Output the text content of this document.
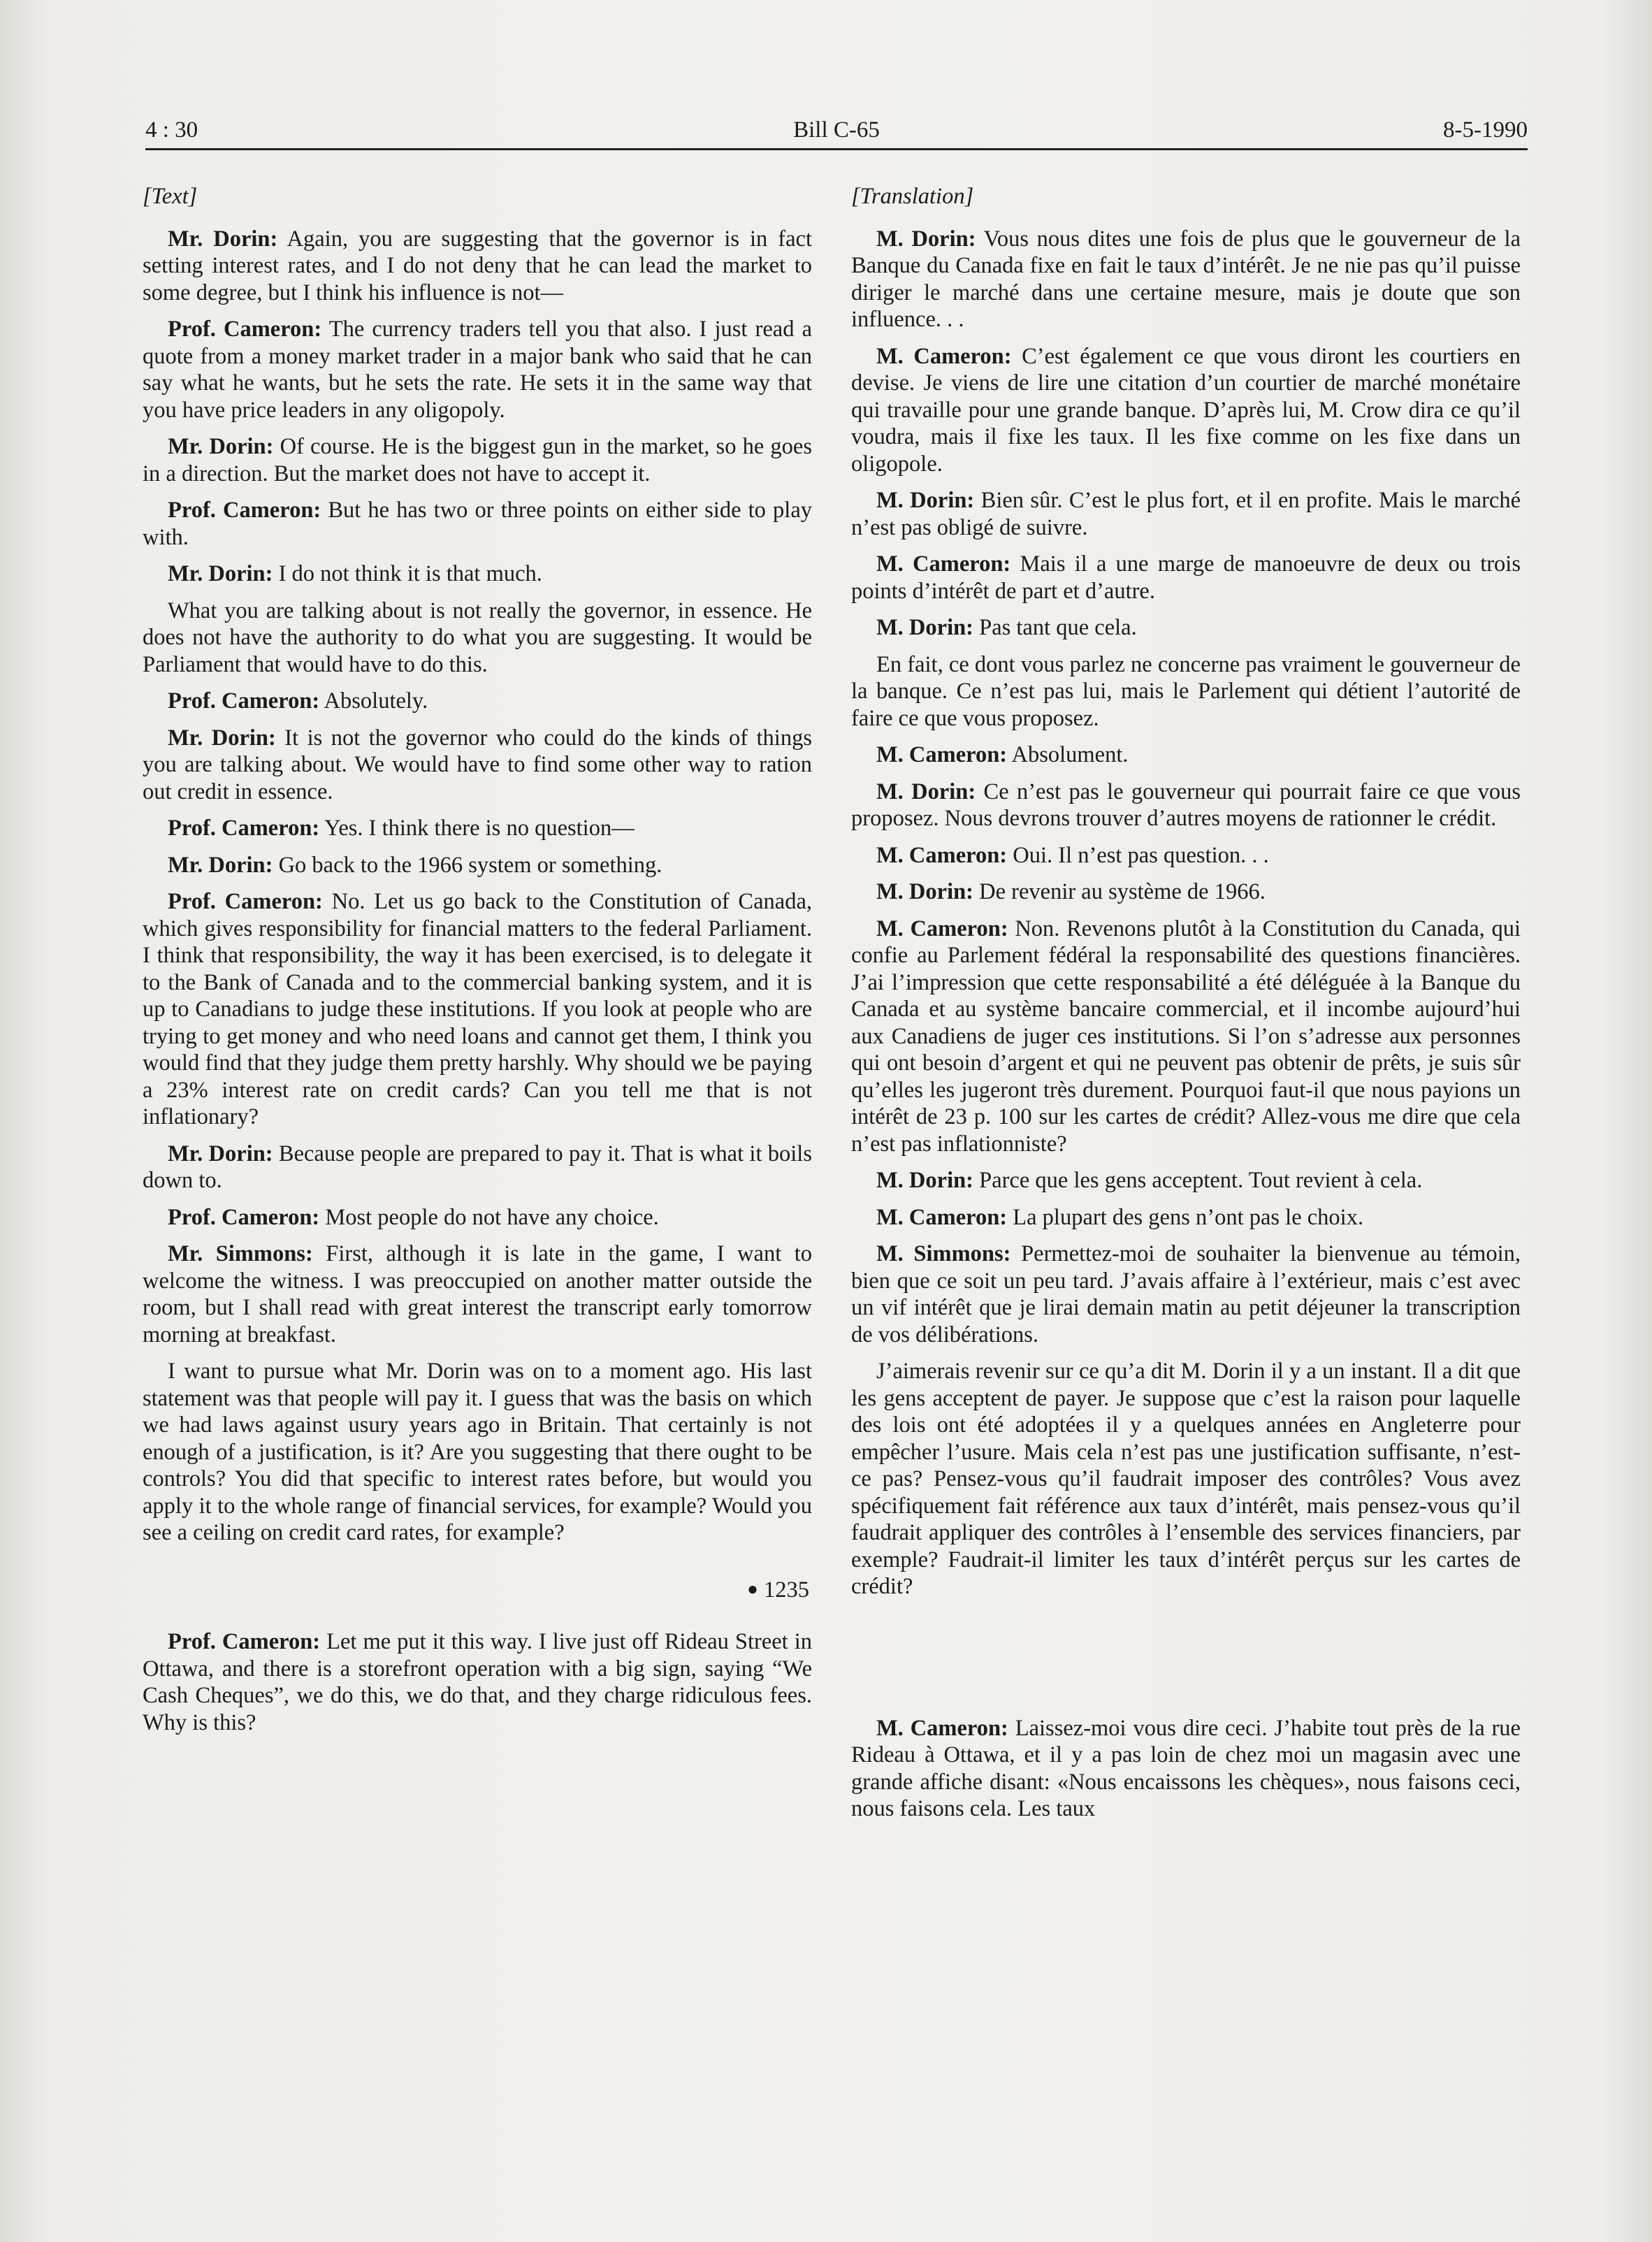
4 : 30	Bill C-65	8-5-1990

[Text]

Mr. Dorin: Again, you are suggesting that the governor is in fact setting interest rates, and I do not deny that he can lead the market to some degree, but I think his influence is not—

Prof. Cameron: The currency traders tell you that also. I just read a quote from a money market trader in a major bank who said that he can say what he wants, but he sets the rate. He sets it in the same way that you have price leaders in any oligopoly.

Mr. Dorin: Of course. He is the biggest gun in the market, so he goes in a direction. But the market does not have to accept it.

Prof. Cameron: But he has two or three points on either side to play with.

Mr. Dorin: I do not think it is that much.

What you are talking about is not really the governor, in essence. He does not have the authority to do what you are suggesting. It would be Parliament that would have to do this.

Prof. Cameron: Absolutely.

Mr. Dorin: It is not the governor who could do the kinds of things you are talking about. We would have to find some other way to ration out credit in essence.

Prof. Cameron: Yes. I think there is no question—

Mr. Dorin: Go back to the 1966 system or something.

Prof. Cameron: No. Let us go back to the Constitution of Canada, which gives responsibility for financial matters to the federal Parliament. I think that responsibility, the way it has been exercised, is to delegate it to the Bank of Canada and to the commercial banking system, and it is up to Canadians to judge these institutions. If you look at people who are trying to get money and who need loans and cannot get them, I think you would find that they judge them pretty harshly. Why should we be paying a 23% interest rate on credit cards? Can you tell me that is not inflationary?

Mr. Dorin: Because people are prepared to pay it. That is what it boils down to.

Prof. Cameron: Most people do not have any choice.

Mr. Simmons: First, although it is late in the game, I want to welcome the witness. I was preoccupied on another matter outside the room, but I shall read with great interest the transcript early tomorrow morning at breakfast.

I want to pursue what Mr. Dorin was on to a moment ago. His last statement was that people will pay it. I guess that was the basis on which we had laws against usury years ago in Britain. That certainly is not enough of a justification, is it? Are you suggesting that there ought to be controls? You did that specific to interest rates before, but would you apply it to the whole range of financial services, for example? Would you see a ceiling on credit card rates, for example?

● 1235

Prof. Cameron: Let me put it this way. I live just off Rideau Street in Ottawa, and there is a storefront operation with a big sign, saying “We Cash Cheques”, we do this, we do that, and they charge ridiculous fees. Why is this?

[Translation]

M. Dorin: Vous nous dites une fois de plus que le gouverneur de la Banque du Canada fixe en fait le taux d’intérêt. Je ne nie pas qu’il puisse diriger le marché dans une certaine mesure, mais je doute que son influence. . .

M. Cameron: C’est également ce que vous diront les courtiers en devise. Je viens de lire une citation d’un courtier de marché monétaire qui travaille pour une grande banque. D’après lui, M. Crow dira ce qu’il voudra, mais il fixe les taux. Il les fixe comme on les fixe dans un oligopole.

M. Dorin: Bien sûr. C’est le plus fort, et il en profite. Mais le marché n’est pas obligé de suivre.

M. Cameron: Mais il a une marge de manoeuvre de deux ou trois points d’intérêt de part et d’autre.

M. Dorin: Pas tant que cela.

En fait, ce dont vous parlez ne concerne pas vraiment le gouverneur de la banque. Ce n’est pas lui, mais le Parlement qui détient l’autorité de faire ce que vous proposez.

M. Cameron: Absolument.

M. Dorin: Ce n’est pas le gouverneur qui pourrait faire ce que vous proposez. Nous devrons trouver d’autres moyens de rationner le crédit.

M. Cameron: Oui. Il n’est pas question. . .

M. Dorin: De revenir au système de 1966.

M. Cameron: Non. Revenons plutôt à la Constitution du Canada, qui confie au Parlement fédéral la responsabilité des questions financières. J’ai l’impression que cette responsabilité a été déléguée à la Banque du Canada et au système bancaire commercial, et il incombe aujourd’hui aux Canadiens de juger ces institutions. Si l’on s’adresse aux personnes qui ont besoin d’argent et qui ne peuvent pas obtenir de prêts, je suis sûr qu’elles les jugeront très durement. Pourquoi faut-il que nous payions un intérêt de 23 p. 100 sur les cartes de crédit? Allez-vous me dire que cela n’est pas inflationniste?

M. Dorin: Parce que les gens acceptent. Tout revient à cela.

M. Cameron: La plupart des gens n’ont pas le choix.

M. Simmons: Permettez-moi de souhaiter la bienvenue au témoin, bien que ce soit un peu tard. J’avais affaire à l’extérieur, mais c’est avec un vif intérêt que je lirai demain matin au petit déjeuner la transcription de vos délibérations.

J’aimerais revenir sur ce qu’a dit M. Dorin il y a un instant. Il a dit que les gens acceptent de payer. Je suppose que c’est la raison pour laquelle des lois ont été adoptées il y a quelques années en Angleterre pour empêcher l’usure. Mais cela n’est pas une justification suffisante, n’est-ce pas? Pensez-vous qu’il faudrait imposer des contrôles? Vous avez spécifiquement fait référence aux taux d’intérêt, mais pensez-vous qu’il faudrait appliquer des contrôles à l’ensemble des services financiers, par exemple? Faudrait-il limiter les taux d’intérêt perçus sur les cartes de crédit?

M. Cameron: Laissez-moi vous dire ceci. J’habite tout près de la rue Rideau à Ottawa, et il y a pas loin de chez moi un magasin avec une grande affiche disant: «Nous encaissons les chèques», nous faisons ceci, nous faisons cela. Les taux
